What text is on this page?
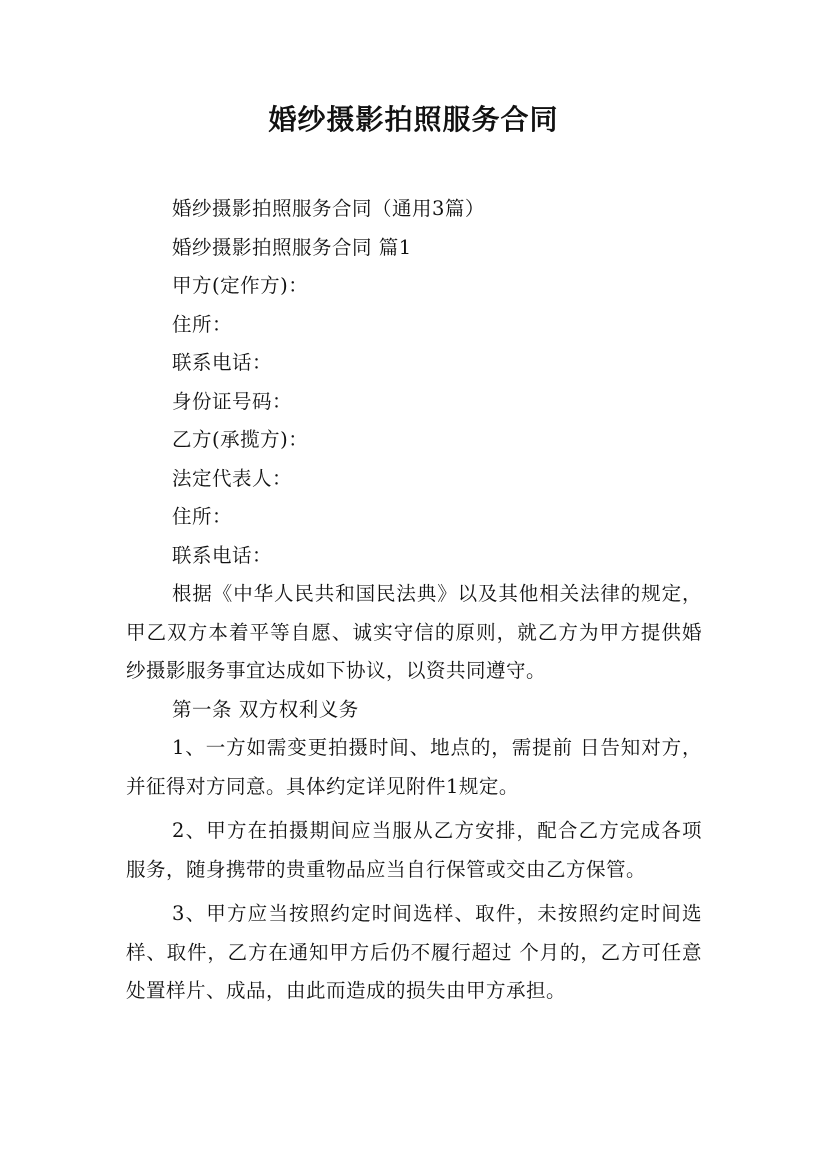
婚纱摄影拍照服务合同

婚纱摄影拍照服务合同（通用3篇）

婚纱摄影拍照服务合同 篇1

甲方(定作方)：

住所：

联系电话：

身份证号码：

乙方(承揽方)：

法定代表人：

住所：

联系电话：

根据《中华人民共和国民法典》以及其他相关法律的规定，甲乙双方本着平等自愿、诚实守信的原则，就乙方为甲方提供婚纱摄影服务事宜达成如下协议，以资共同遵守。

第一条 双方权利义务

1、一方如需变更拍摄时间、地点的，需提前 日告知对方，并征得对方同意。具体约定详见附件1规定。

2、甲方在拍摄期间应当服从乙方安排，配合乙方完成各项服务，随身携带的贵重物品应当自行保管或交由乙方保管。

3、甲方应当按照约定时间选样、取件，未按照约定时间选样、取件，乙方在通知甲方后仍不履行超过 个月的，乙方可任意处置样片、成品，由此而造成的损失由甲方承担。
